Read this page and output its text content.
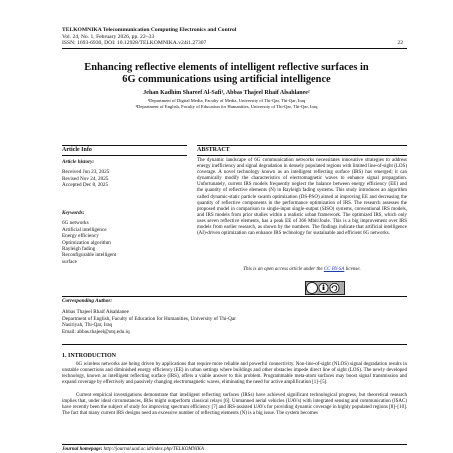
TELKOMNIKA Telecommunication Computing Electronics and Control
Vol. 24, No. 1, February 2026, pp. 22~33
ISSN: 1693-6930, DOI: 10.12928/TELKOMNIKA.v24i1.27307	22
Enhancing reflective elements of intelligent reflective surfaces in
6G communications using artificial intelligence
Jehan Kadhim Shareef Al-Safi¹, Abbas Thajeel Rhaif Alsahlanee²
¹Department of Digital Media, Faculty of Media, University of Thi-Qar, Thi-Qar, Iraq
²Department of English, Faculty of Education for Humanities, University of Thi-Qar, Thi-Qar, Iraq
Article Info	ABSTRACT
Article history:
Received Jun 23, 2025
Revised Nov 24, 2025
Accepted Dec 8, 2025
Keywords:
6G networks
Artificial intelligence
Energy efficiency
Optimization algorithm
Rayleigh fading
Reconfigurable intelligent
surface
The dynamic landscape of 6G communication networks necessitates innovative strategies to address energy inefficiency and signal degradation in densely populated regions with limited line-of-sight (LOS) coverage. A novel technology known as an intelligent reflecting surface (IRS) has emerged; it can dynamically modify the characteristics of electromagnetic waves to enhance signal propagation. Unfortunately, current IRS models frequently neglect the balance between energy efficiency (EE) and the quantity of reflective elements (N) in Rayleigh fading systems. This study introduces an algorithm called dynamic-static particle swarm optimization (DS-PSO) aimed at improving EE and decreasing the quantity of reflective components in the performance optimization of IRS. The research assesses the proposed model in comparison to single-input single-output (SISO) systems, conventional IRS models, and IRS models from prior studies within a realistic urban framework. The optimized IRS, which only uses seven reflective elements, has a peak EE of 366 Mbit/Joule. This is a big improvement over IRS models from earlier research, as shown by the numbers. The findings indicate that artificial intelligence (AI)-driven optimization can enhance IRS technology for sustainable and efficient 6G networks.
This is an open access article under the CC BY-SA license.
Corresponding Author:
Abbas Thajeel Rhaif Alsahlanee
Department of English, Faculty of Education for Humanities, University of Thi-Qar
Nasiriyah, Thi-Qar, Iraq
Email: abbas.thajeel@utq.edu.iq
1. INTRODUCTION
6G wireless networks are being driven by applications that require more reliable and powerful connectivity. Non-line-of-sight (NLOS) signal degradation results in unstable connections and diminished energy efficiency (EE) in urban settings where buildings and other obstacles impede direct line of sight (LOS). The newly developed technology, known as intelligent reflecting surface (IRS), offers a viable answer to this problem. Programmable meta-atom surfaces may boost signal transmission and expand coverage by effectively and passively changing electromagnetic waves, eliminating the need for active amplification [1]–[5].
Current empirical investigations demonstrate that intelligent reflecting surfaces (IRSs) have achieved significant technological progress, but theoretical research implies that, under ideal circumstances, IRSs might outperform classical relays [6]. Unmanned aerial vehicles (UAVs) with integrated sensing and communication (ISAC) have recently been the subject of study for improving spectrum efficiency [7] and IRS-assisted UAVs for providing dynamic coverage in highly populated regions [8]–[10]. The fact that many current IRS designs need an excessive number of reflecting elements (N) is a big issue. The system becomes
Journal homepage: http://journal.uad.ac.id/index.php/TELKOMNIKA
